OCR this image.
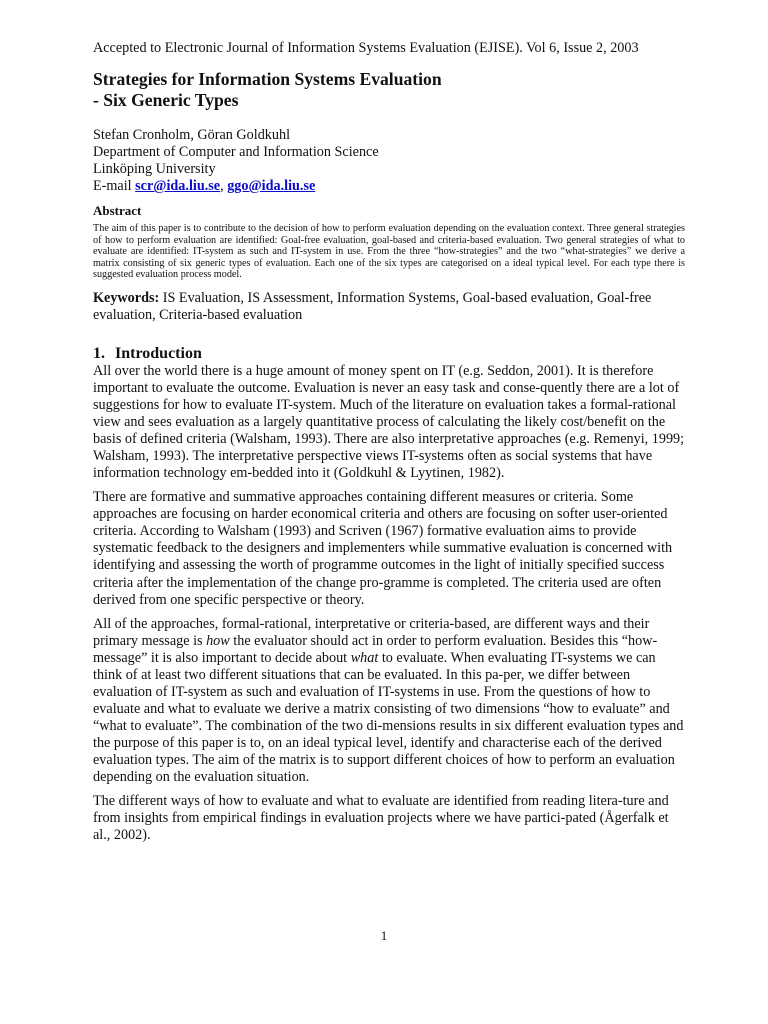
Accepted to Electronic Journal of Information Systems Evaluation (EJISE). Vol 6, Issue 2, 2003

Strategies for Information Systems Evaluation
- Six Generic Types
Stefan Cronholm, Göran Goldkuhl
Department of Computer and Information Science
Linköping University
E-mail scr@ida.liu.se, ggo@ida.liu.se
Abstract

The aim of this paper is to contribute to the decision of how to perform evaluation depending on the evaluation context. Three general strategies of how to perform evaluation are identified: Goal-free evaluation, goal-based and criteria-based evaluation. Two general strategies of what to evaluate are identified: IT-system as such and IT-system in use. From the three “how-strategies” and the two “what-strategies” we derive a matrix consisting of six generic types of evaluation. Each one of the six types are categorised on a ideal typical level. For each type there is suggested evaluation process model.

Keywords: IS Evaluation, IS Assessment, Information Systems, Goal-based evaluation, Goal-free evaluation, Criteria-based evaluation

1. Introduction

All over the world there is a huge amount of money spent on IT (e.g. Seddon, 2001). It is therefore important to evaluate the outcome. Evaluation is never an easy task and conse-quently there are a lot of suggestions for how to evaluate IT-system. Much of the literature on evaluation takes a formal-rational view and sees evaluation as a largely quantitative process of calculating the likely cost/benefit on the basis of defined criteria (Walsham, 1993). There are also interpretative approaches (e.g. Remenyi, 1999; Walsham, 1993). The interpretative perspective views IT-systems often as social systems that have information technology em-bedded into it (Goldkuhl & Lyytinen, 1982).

There are formative and summative approaches containing different measures or criteria. Some approaches are focusing on harder economical criteria and others are focusing on softer user-oriented criteria. According to Walsham (1993) and Scriven (1967) formative evaluation aims to provide systematic feedback to the designers and implementers while summative evaluation is concerned with identifying and assessing the worth of programme outcomes in the light of initially specified success criteria after the implementation of the change pro-gramme is completed. The criteria used are often derived from one specific perspective or theory.

All of the approaches, formal-rational, interpretative or criteria-based, are different ways and their primary message is how the evaluator should act in order to perform evaluation. Besides this “how-message” it is also important to decide about what to evaluate. When evaluating IT-systems we can think of at least two different situations that can be evaluated. In this pa-per, we differ between evaluation of IT-system as such and evaluation of IT-systems in use. From the questions of how to evaluate and what to evaluate we derive a matrix consisting of two dimensions “how to evaluate” and “what to evaluate”. The combination of the two di-mensions results in six different evaluation types and the purpose of this paper is to, on an ideal typical level, identify and characterise each of the derived evaluation types. The aim of the matrix is to support different choices of how to perform an evaluation depending on the evaluation situation.

The different ways of how to evaluate and what to evaluate are identified from reading litera-ture and from insights from empirical findings in evaluation projects where we have partici-pated (Ågerfalk et al., 2002).

1
